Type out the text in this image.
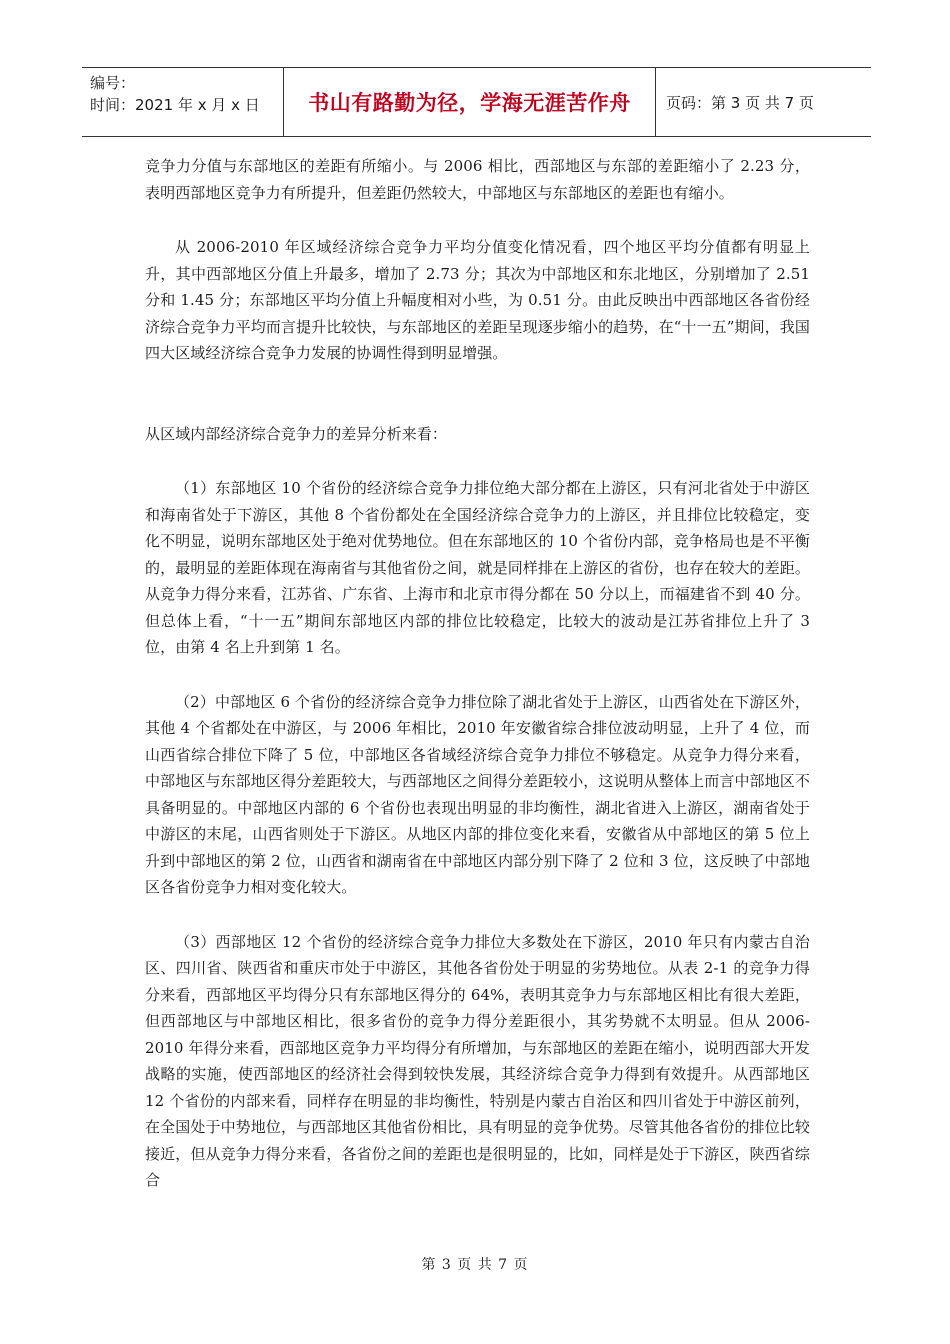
编号：
时间：2021 年 x 月 x 日	书山有路勤为径，学海无涯苦作舟	页码：第 3 页 共 7 页

竞争力分值与东部地区的差距有所缩小。与 2006 相比，西部地区与东部的差距缩小了 2.23 分，表明西部地区竞争力有所提升，但差距仍然较大，中部地区与东部地区的差距也有缩小。

从 2006-2010 年区域经济综合竞争力平均分值变化情况看，四个地区平均分值都有明显上升，其中西部地区分值上升最多，增加了 2.73 分；其次为中部地区和东北地区，分别增加了 2.51 分和 1.45 分；东部地区平均分值上升幅度相对小些，为 0.51 分。由此反映出中西部地区各省份经济综合竞争力平均而言提升比较快，与东部地区的差距呈现逐步缩小的趋势，在“十一五”期间，我国四大区域经济综合竞争力发展的协调性得到明显增强。

从区域内部经济综合竞争力的差异分析来看：

（1）东部地区 10 个省份的经济综合竞争力排位绝大部分都在上游区，只有河北省处于中游区和海南省处于下游区，其他 8 个省份都处在全国经济综合竞争力的上游区，并且排位比较稳定，变化不明显，说明东部地区处于绝对优势地位。但在东部地区的 10 个省份内部，竞争格局也是不平衡的，最明显的差距体现在海南省与其他省份之间，就是同样排在上游区的省份，也存在较大的差距。从竞争力得分来看，江苏省、广东省、上海市和北京市得分都在 50 分以上，而福建省不到 40 分。但总体上看，“十一五”期间东部地区内部的排位比较稳定，比较大的波动是江苏省排位上升了 3 位，由第 4 名上升到第 1 名。

（2）中部地区 6 个省份的经济综合竞争力排位除了湖北省处于上游区，山西省处在下游区外，其他 4 个省都处在中游区，与 2006 年相比，2010 年安徽省综合排位波动明显，上升了 4 位，而山西省综合排位下降了 5 位，中部地区各省域经济综合竞争力排位不够稳定。从竞争力得分来看，中部地区与东部地区得分差距较大，与西部地区之间得分差距较小，这说明从整体上而言中部地区不具备明显的。中部地区内部的 6 个省份也表现出明显的非均衡性，湖北省进入上游区，湖南省处于中游区的末尾，山西省则处于下游区。从地区内部的排位变化来看，安徽省从中部地区的第 5 位上升到中部地区的第 2 位，山西省和湖南省在中部地区内部分别下降了 2 位和 3 位，这反映了中部地区各省份竞争力相对变化较大。

（3）西部地区 12 个省份的经济综合竞争力排位大多数处在下游区，2010 年只有内蒙古自治区、四川省、陕西省和重庆市处于中游区，其他各省份处于明显的劣势地位。从表 2-1 的竞争力得分来看，西部地区平均得分只有东部地区得分的 64%，表明其竞争力与东部地区相比有很大差距，但西部地区与中部地区相比，很多省份的竞争力得分差距很小，其劣势就不太明显。但从 2006-2010 年得分来看，西部地区竞争力平均得分有所增加，与东部地区的差距在缩小，说明西部大开发战略的实施，使西部地区的经济社会得到较快发展，其经济综合竞争力得到有效提升。从西部地区 12 个省份的内部来看，同样存在明显的非均衡性，特别是内蒙古自治区和四川省处于中游区前列，在全国处于中势地位，与西部地区其他省份相比，具有明显的竞争优势。尽管其他各省份的排位比较接近，但从竞争力得分来看，各省份之间的差距也是很明显的，比如，同样是处于下游区，陕西省综合

第 3 页 共 7 页
